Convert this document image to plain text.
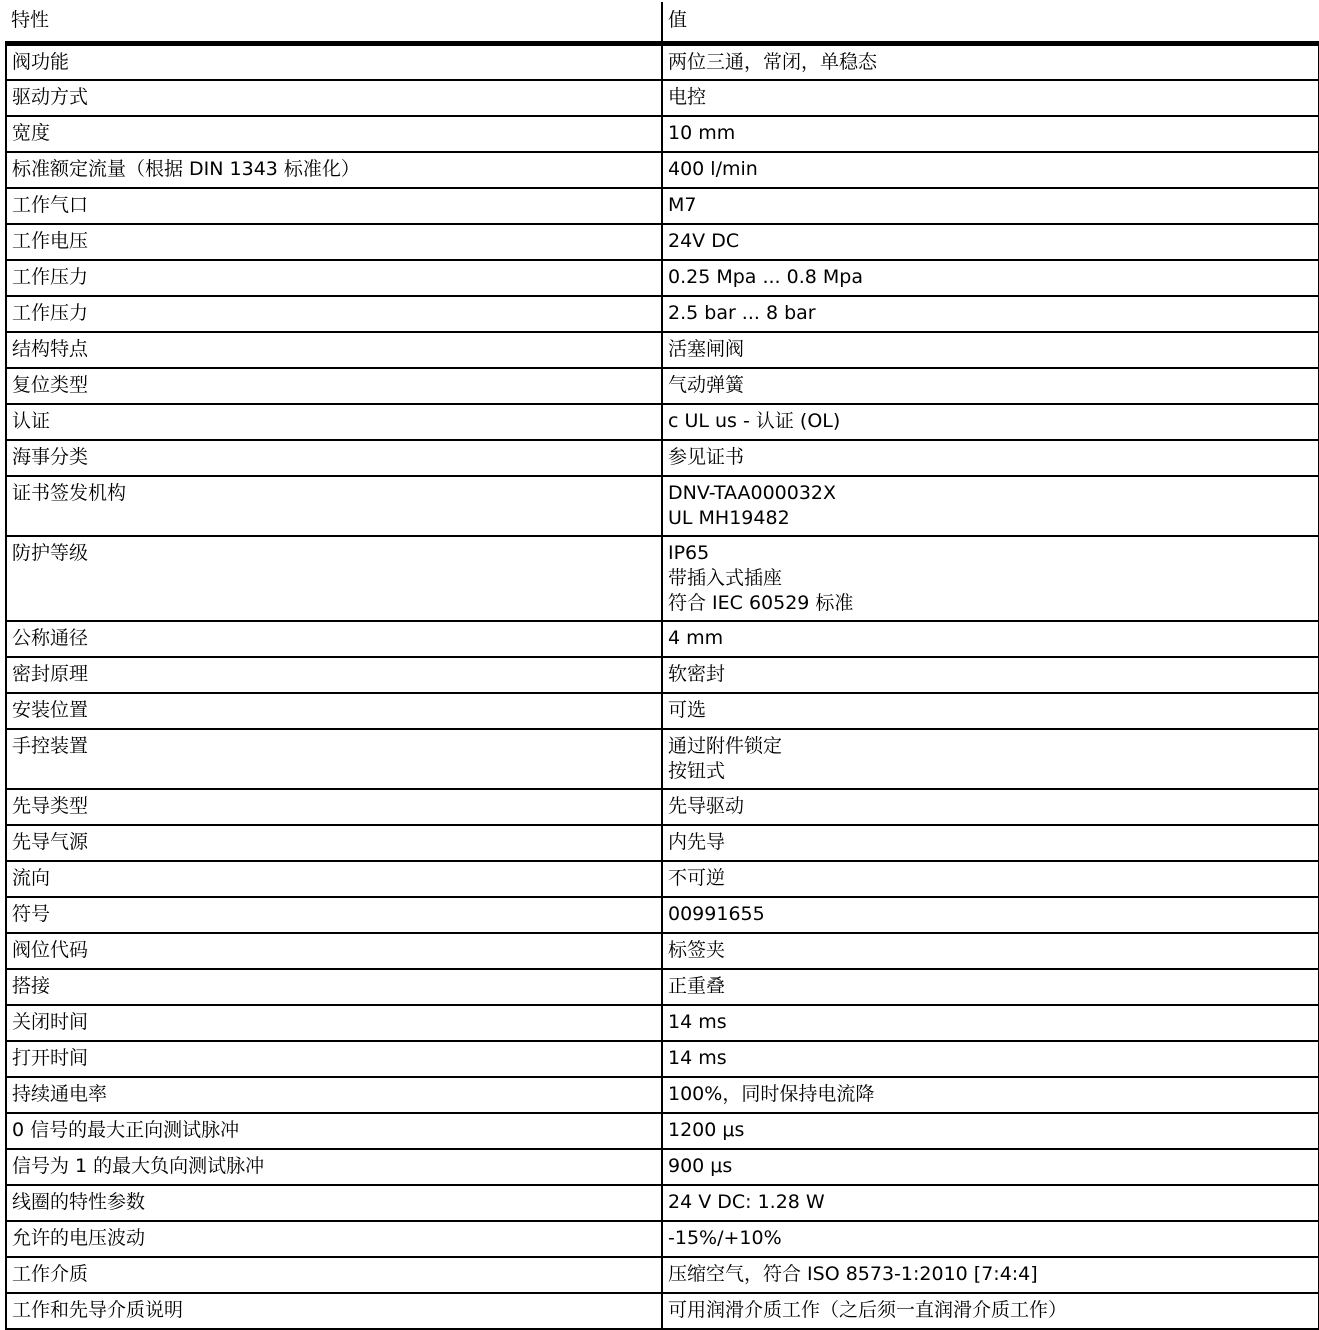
特性	值
阀功能	两位三通，常闭，单稳态
驱动方式	电控
宽度	10 mm
标准额定流量（根据 DIN 1343 标准化）	400 l/min
工作气口	M7
工作电压	24V DC
工作压力	0.25 Mpa ... 0.8 Mpa
工作压力	2.5 bar ... 8 bar
结构特点	活塞闸阀
复位类型	气动弹簧
认证	c UL us - 认证 (OL)
海事分类	参见证书
证书签发机构	DNV-TAA000032X
UL MH19482
防护等级	IP65
带插入式插座
符合 IEC 60529 标准
公称通径	4 mm
密封原理	软密封
安装位置	可选
手控装置	通过附件锁定
按钮式
先导类型	先导驱动
先导气源	内先导
流向	不可逆
符号	00991655
阀位代码	标签夹
搭接	正重叠
关闭时间	14 ms
打开时间	14 ms
持续通电率	100%，同时保持电流降
0 信号的最大正向测试脉冲	1200 μs
信号为 1 的最大负向测试脉冲	900 μs
线圈的特性参数	24 V DC: 1.28 W
允许的电压波动	-15%/+10%
工作介质	压缩空气，符合 ISO 8573-1:2010 [7:4:4]
工作和先导介质说明	可用润滑介质工作（之后须一直润滑介质工作）
